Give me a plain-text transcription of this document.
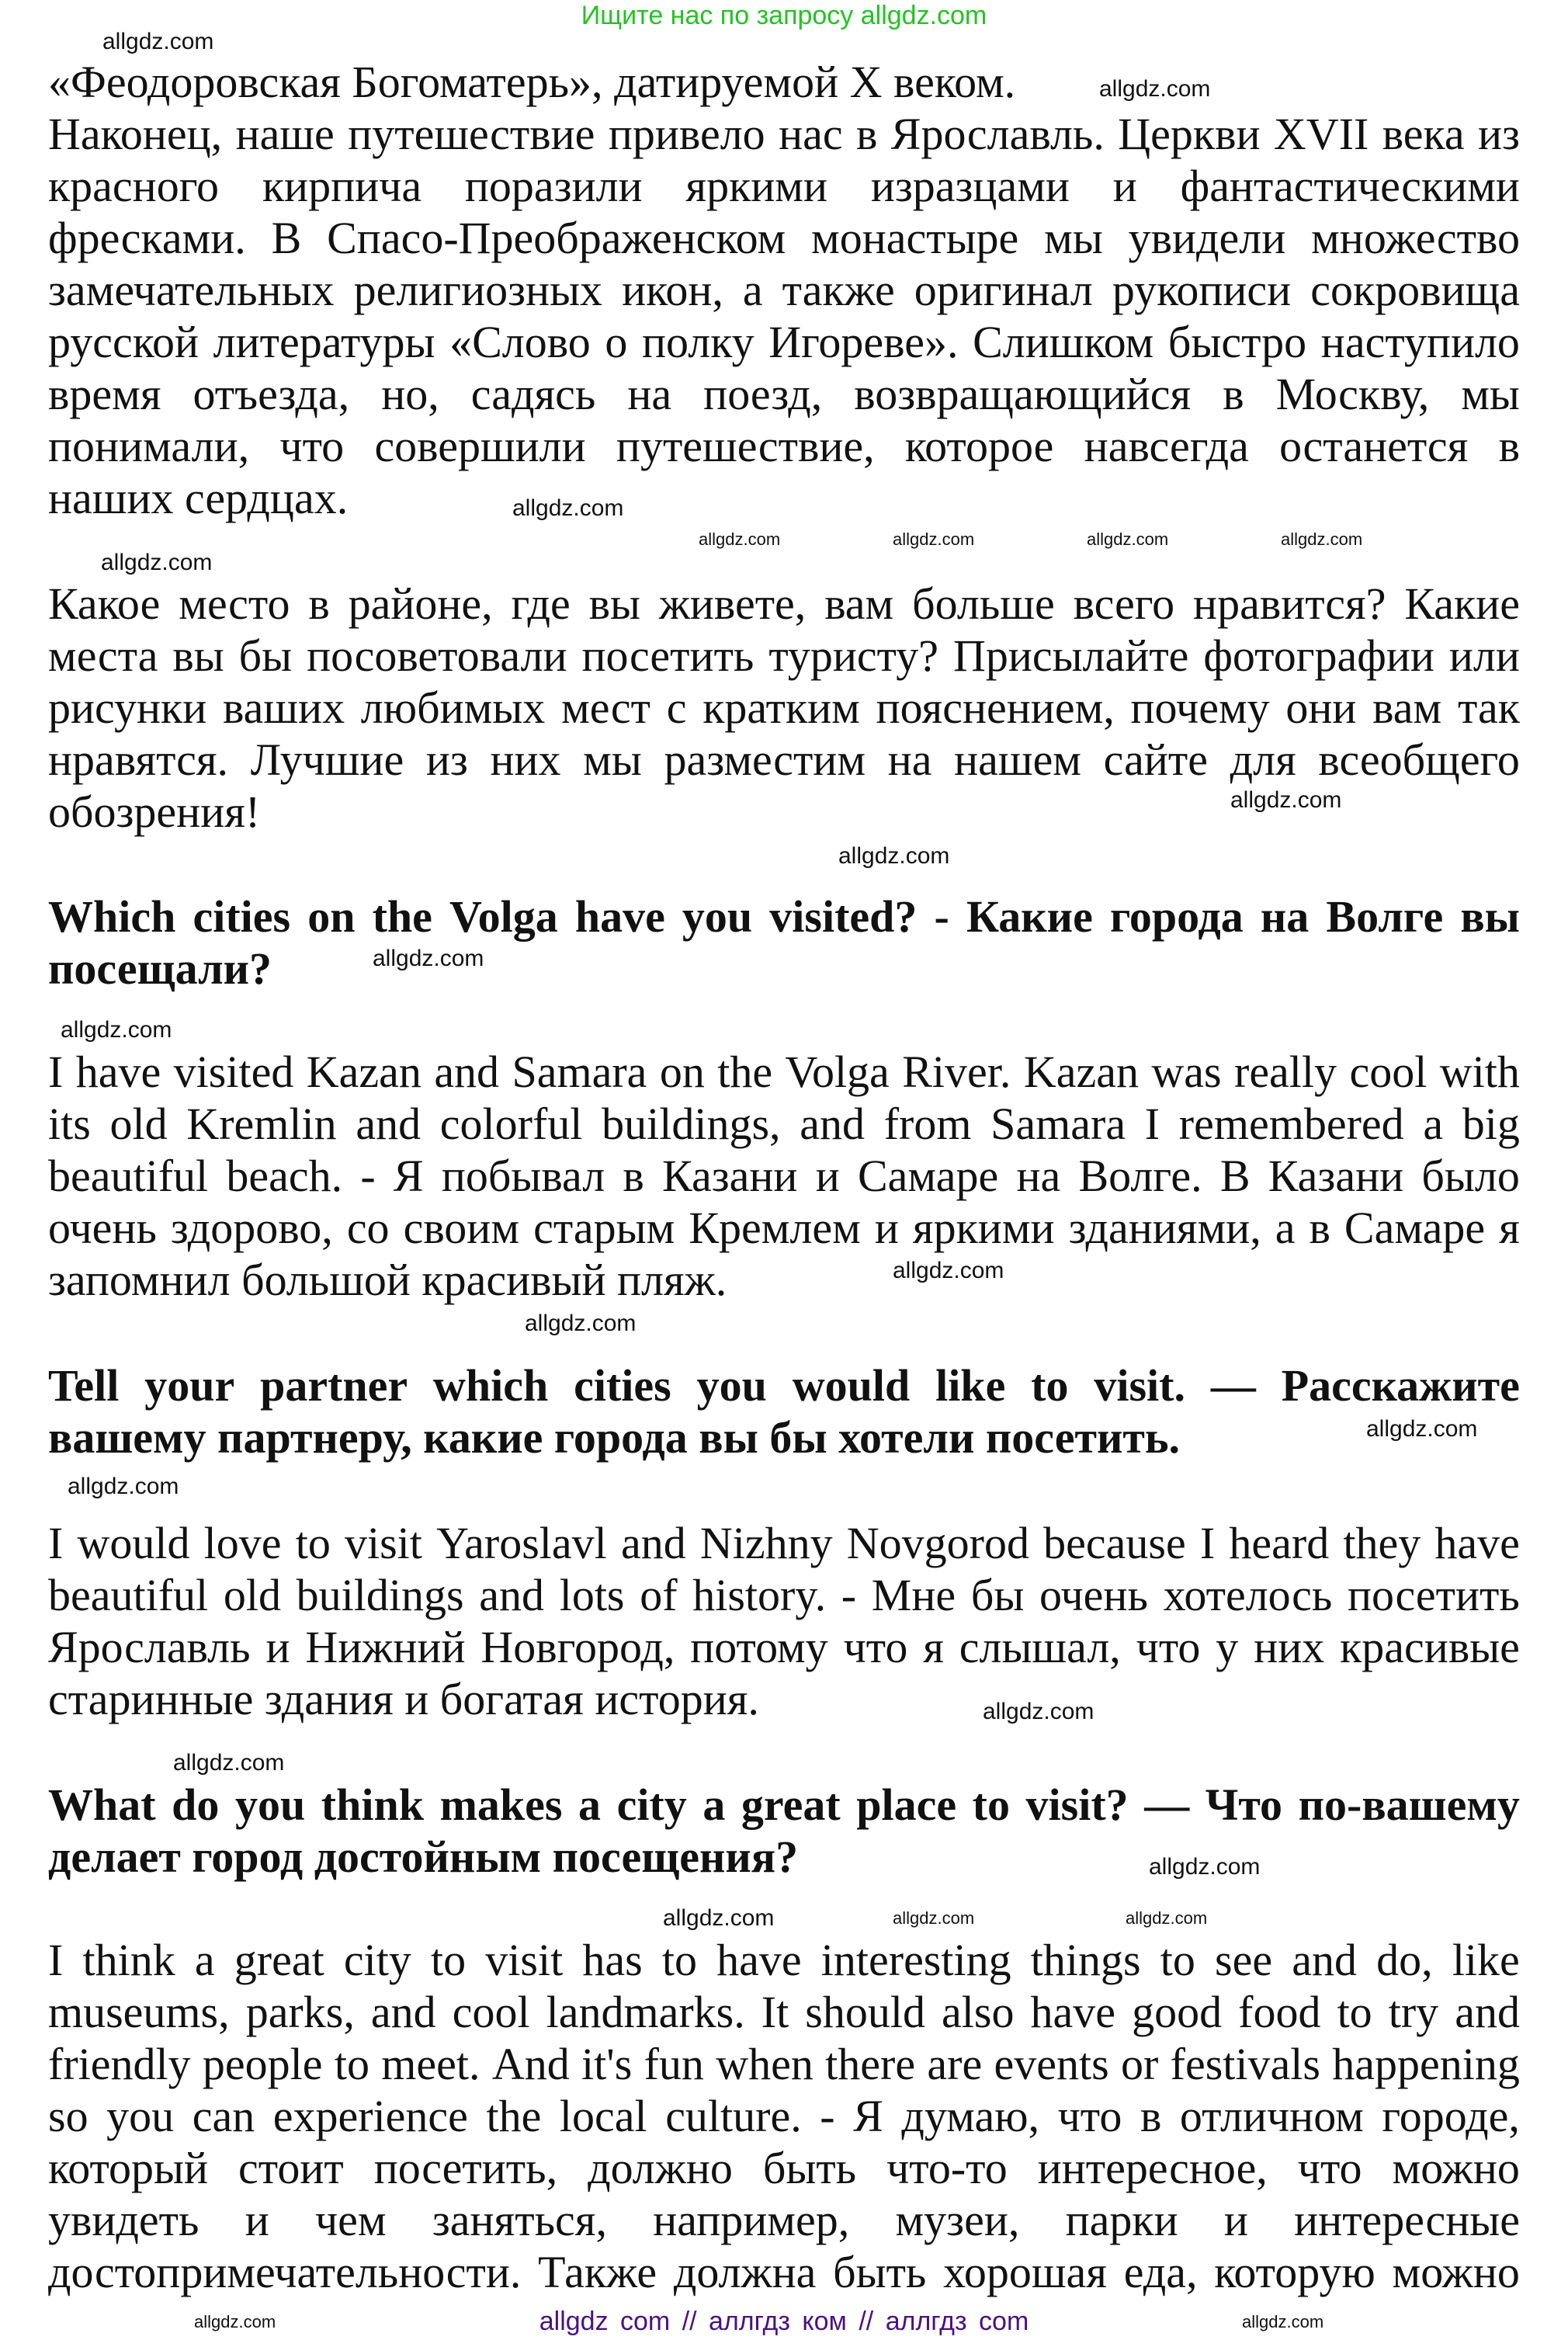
Ищите нас по запросу allgdz.com
«Феодоровская Богоматерь», датируемой X веком.
Наконец, наше путешествие привело нас в Ярославль. Церкви XVII века из
красного кирпича поразили яркими изразцами и фантастическими
фресками. В Спасо-Преображенском монастыре мы увидели множество
замечательных религиозных икон, а также оригинал рукописи сокровища
русской литературы «Слово о полку Игореве». Слишком быстро наступило
время отъезда, но, садясь на поезд, возвращающийся в Москву, мы
понимали, что совершили путешествие, которое навсегда останется в
наших сердцах.
Какое место в районе, где вы живете, вам больше всего нравится? Какие
места вы бы посоветовали посетить туристу? Присылайте фотографии или
рисунки ваших любимых мест с кратким пояснением, почему они вам так
нравятся. Лучшие из них мы разместим на нашем сайте для всеобщего
обозрения!
Which cities on the Volga have you visited? - Какие города на Волге вы
посещали?
I have visited Kazan and Samara on the Volga River. Kazan was really cool with
its old Kremlin and colorful buildings, and from Samara I remembered a big
beautiful beach. - Я побывал в Казани и Самаре на Волге. В Казани было
очень здорово, со своим старым Кремлем и яркими зданиями, а в Самаре я
запомнил большой красивый пляж.
Tell your partner which cities you would like to visit. — Расскажите
вашему партнеру, какие города вы бы хотели посетить.
I would love to visit Yaroslavl and Nizhny Novgorod because I heard they have
beautiful old buildings and lots of history. - Мне бы очень хотелось посетить
Ярославль и Нижний Новгород, потому что я слышал, что у них красивые
старинные здания и богатая история.
What do you think makes a city a great place to visit? — Что по-вашему
делает город достойным посещения?
I think a great city to visit has to have interesting things to see and do, like
museums, parks, and cool landmarks. It should also have good food to try and
friendly people to meet. And it's fun when there are events or festivals happening
so you can experience the local culture. - Я думаю, что в отличном городе,
который стоит посетить, должно быть что-то интересное, что можно
увидеть и чем заняться, например, музеи, парки и интересные
достопримечательности. Также должна быть хорошая еда, которую можно
allgdz.com
allgdz.com
allgdz.com	allgdz.com	allgdz.com	allgdz.com
allgdz.com
allgdz.com
allgdz.com
allgdz.com
allgdz.com
allgdz.com
allgdz.com
allgdz.com
allgdz.com
allgdz.com
allgdz.com
allgdz.com
allgdz.com
allgdz.com	allgdz.com	allgdz.com
allgdz.com	allgdz.com
allgdz com // аллгдз ком // аллгдз com
